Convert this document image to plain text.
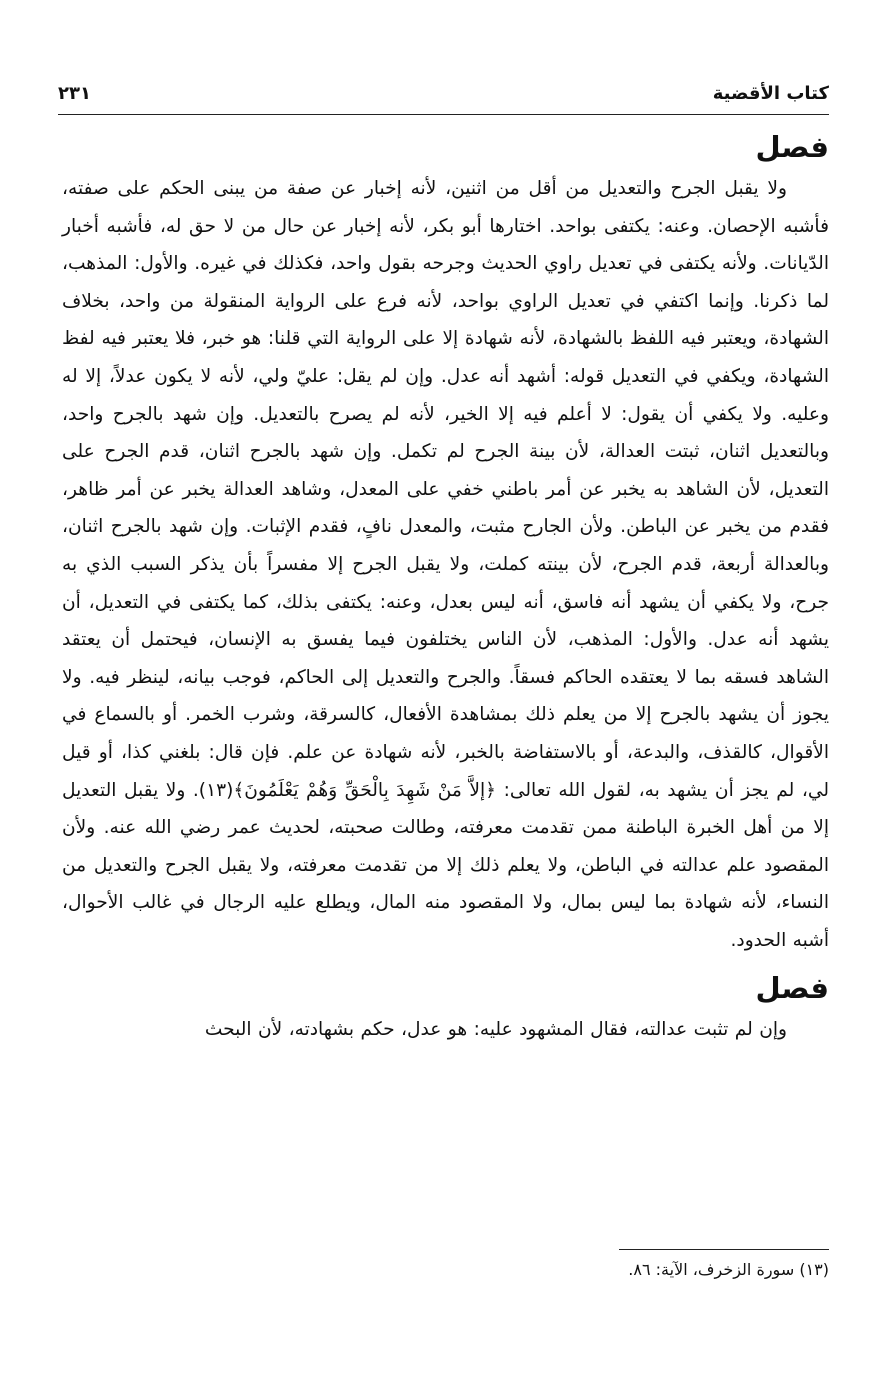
كتاب الأقضية
٢٣١
فصل

ولا يقبل الجرح والتعديل من أقل من اثنين، لأنه إخبار عن صفة من يبنى الحكم على صفته، فأشبه الإحصان. وعنه: يكتفى بواحد. اختارها أبو بكر، لأنه إخبار عن حال من لا حق له، فأشبه أخبار الدّيانات. ولأنه يكتفى في تعديل راوي الحديث وجرحه بقول واحد، فكذلك في غيره. والأول: المذهب، لما ذكرنا. وإنما اكتفي في تعديل الراوي بواحد، لأنه فرع على الرواية المنقولة من واحد، بخلاف الشهادة، ويعتبر فيه اللفظ بالشهادة، لأنه شهادة إلا على الرواية التي قلنا: هو خبر، فلا يعتبر فيه لفظ الشهادة، ويكفي في التعديل قوله: أشهد أنه عدل. وإن لم يقل: عليّ ولي، لأنه لا يكون عدلاً، إلا له وعليه. ولا يكفي أن يقول: لا أعلم فيه إلا الخير، لأنه لم يصرح بالتعديل. وإن شهد بالجرح واحد، وبالتعديل اثنان، ثبتت العدالة، لأن بينة الجرح لم تكمل. وإن شهد بالجرح اثنان، قدم الجرح على التعديل، لأن الشاهد به يخبر عن أمر باطني خفي على المعدل، وشاهد العدالة يخبر عن أمر ظاهر، فقدم من يخبر عن الباطن. ولأن الجارح مثبت، والمعدل نافٍ، فقدم الإثبات. وإن شهد بالجرح اثنان، وبالعدالة أربعة، قدم الجرح، لأن بينته كملت، ولا يقبل الجرح إلا مفسراً بأن يذكر السبب الذي به جرح، ولا يكفي أن يشهد أنه فاسق، أنه ليس بعدل، وعنه: يكتفى بذلك، كما يكتفى في التعديل، أن يشهد أنه عدل. والأول: المذهب، لأن الناس يختلفون فيما يفسق به الإنسان، فيحتمل أن يعتقد الشاهد فسقه بما لا يعتقده الحاكم فسقاً. والجرح والتعديل إلى الحاكم، فوجب بيانه، لينظر فيه. ولا يجوز أن يشهد بالجرح إلا من يعلم ذلك بمشاهدة الأفعال، كالسرقة، وشرب الخمر. أو بالسماع في الأقوال، كالقذف، والبدعة، أو بالاستفاضة بالخبر، لأنه شهادة عن علم. فإن قال: بلغني كذا، أو قيل لي، لم يجز أن يشهد به، لقول الله تعالى: ﴿إلاَّ مَنْ شَهِدَ بِالْحَقِّ وَهُمْ يَعْلَمُونَ﴾(١٣). ولا يقبل التعديل إلا من أهل الخبرة الباطنة ممن تقدمت معرفته، وطالت صحبته، لحديث عمر رضي الله عنه. ولأن المقصود علم عدالته في الباطن، ولا يعلم ذلك إلا من تقدمت معرفته، ولا يقبل الجرح والتعديل من النساء، لأنه شهادة بما ليس بمال، ولا المقصود منه المال، ويطلع عليه الرجال في غالب الأحوال، أشبه الحدود.

فصل

وإن لم تثبت عدالته، فقال المشهود عليه: هو عدل، حكم بشهادته، لأن البحث

(١٣) سورة الزخرف، الآية: ٨٦.
